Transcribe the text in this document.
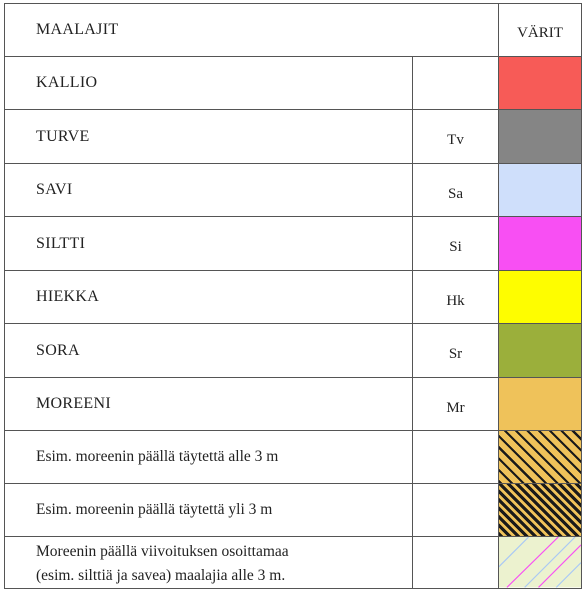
MAALAJIT		VÄRIT
KALLIO		

TURVE	Tv	

SAVI	Sa	

SILTTI	Si	

HIEKKA	Hk	

SORA	Sr	

MOREENI	Mr	

Esim. moreenin päällä täytettä alle 3 m		

Esim. moreenin päällä täytettä yli 3 m		

Moreenin päällä viivoituksen osoittamaa
(esim. silttiä ja savea) maalajia alle 3 m.		
